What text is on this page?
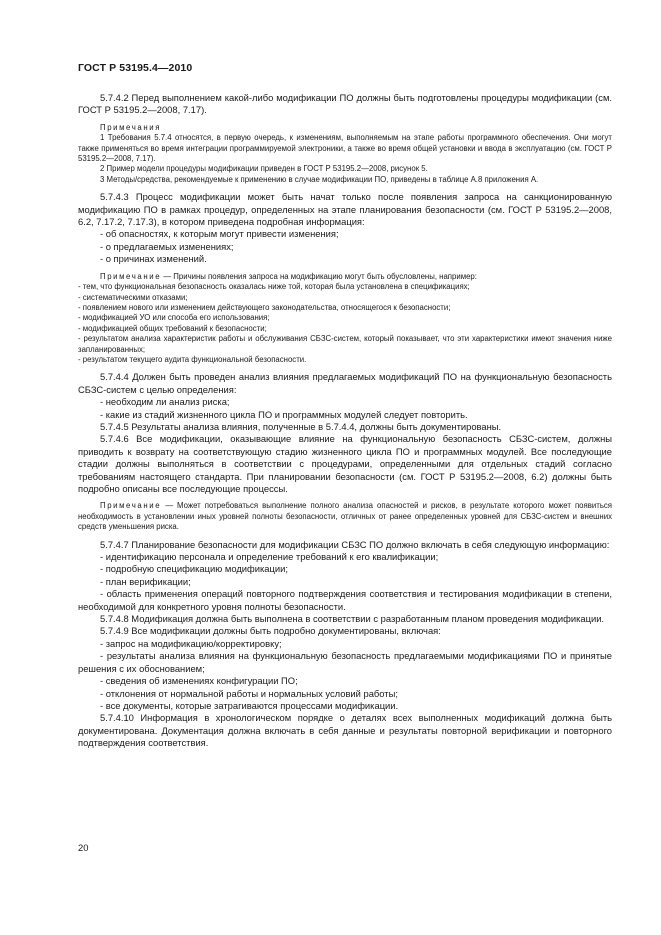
ГОСТ Р 53195.4—2010

5.7.4.2 Перед выполнением какой-либо модификации ПО должны быть подготовлены процедуры модификации (см. ГОСТ Р 53195.2—2008, 7.17).

Примечания

1 Требования 5.7.4 относятся, в первую очередь, к изменениям, выполняемым на этапе работы программного обеспечения. Они могут также применяться во время интеграции программируемой электроники, а также во время общей установки и ввода в эксплуатацию (см. ГОСТ Р 53195.2—2008, 7.17).

2 Пример модели процедуры модификации приведен в ГОСТ Р 53195.2—2008, рисунок 5.

3 Методы/средства, рекомендуемые к применению в случае модификации ПО, приведены в таблице А.8 приложения А.

5.7.4.3 Процесс модификации может быть начат только после появления запроса на санкционированную модификацию ПО в рамках процедур, определенных на этапе планирования безопасности (см. ГОСТ Р 53195.2—2008, 6.2, 7.17.2, 7.17.3), в котором приведена подробная информация:

- об опасностях, к которым могут привести изменения;

- о предлагаемых изменениях;

- о причинах изменений.

Примечание — Причины появления запроса на модификацию могут быть обусловлены, например:

- тем, что функциональная безопасность оказалась ниже той, которая была установлена в спецификациях;

- систематическими отказами;

- появлением нового или изменением действующего законодательства, относящегося к безопасности;

- модификацией УО или способа его использования;

- модификацией общих требований к безопасности;

- результатом анализа характеристик работы и обслуживания СБЗС-систем, который показывает, что эти характеристики имеют значения ниже запланированных;

- результатом текущего аудита функциональной безопасности.

5.7.4.4 Должен быть проведен анализ влияния предлагаемых модификаций ПО на функциональную безопасность СБЗС-систем с целью определения:

- необходим ли анализ риска;

- какие из стадий жизненного цикла ПО и программных модулей следует повторить.

5.7.4.5 Результаты анализа влияния, полученные в 5.7.4.4, должны быть документированы.

5.7.4.6 Все модификации, оказывающие влияние на функциональную безопасность СБЗС-систем, должны приводить к возврату на соответствующую стадию жизненного цикла ПО и программных модулей. Все последующие стадии должны выполняться в соответствии с процедурами, определенными для отдельных стадий согласно требованиям настоящего стандарта. При планировании безопасности (см. ГОСТ Р 53195.2—2008, 6.2) должны быть подробно описаны все последующие процессы.

Примечание — Может потребоваться выполнение полного анализа опасностей и рисков, в результате которого может появиться необходимость в установлении иных уровней полноты безопасности, отличных от ранее определенных уровней для СБЗС-систем и внешних средств уменьшения риска.

5.7.4.7 Планирование безопасности для модификации СБЗС ПО должно включать в себя следующую информацию:

- идентификацию персонала и определение требований к его квалификации;

- подробную спецификацию модификации;

- план верификации;

- область применения операций повторного подтверждения соответствия и тестирования модификации в степени, необходимой для конкретного уровня полноты безопасности.

5.7.4.8 Модификация должна быть выполнена в соответствии с разработанным планом проведения модификации.

5.7.4.9 Все модификации должны быть подробно документированы, включая:

- запрос на модификацию/корректировку;

- результаты анализа влияния на функциональную безопасность предлагаемыми модификациями ПО и принятые решения с их обоснованием;

- сведения об изменениях конфигурации ПО;

- отклонения от нормальной работы и нормальных условий работы;

- все документы, которые затрагиваются процессами модификации.

5.7.4.10 Информация в хронологическом порядке о деталях всех выполненных модификаций должна быть документирована. Документация должна включать в себя данные и результаты повторной верификации и повторного подтверждения соответствия.

20
